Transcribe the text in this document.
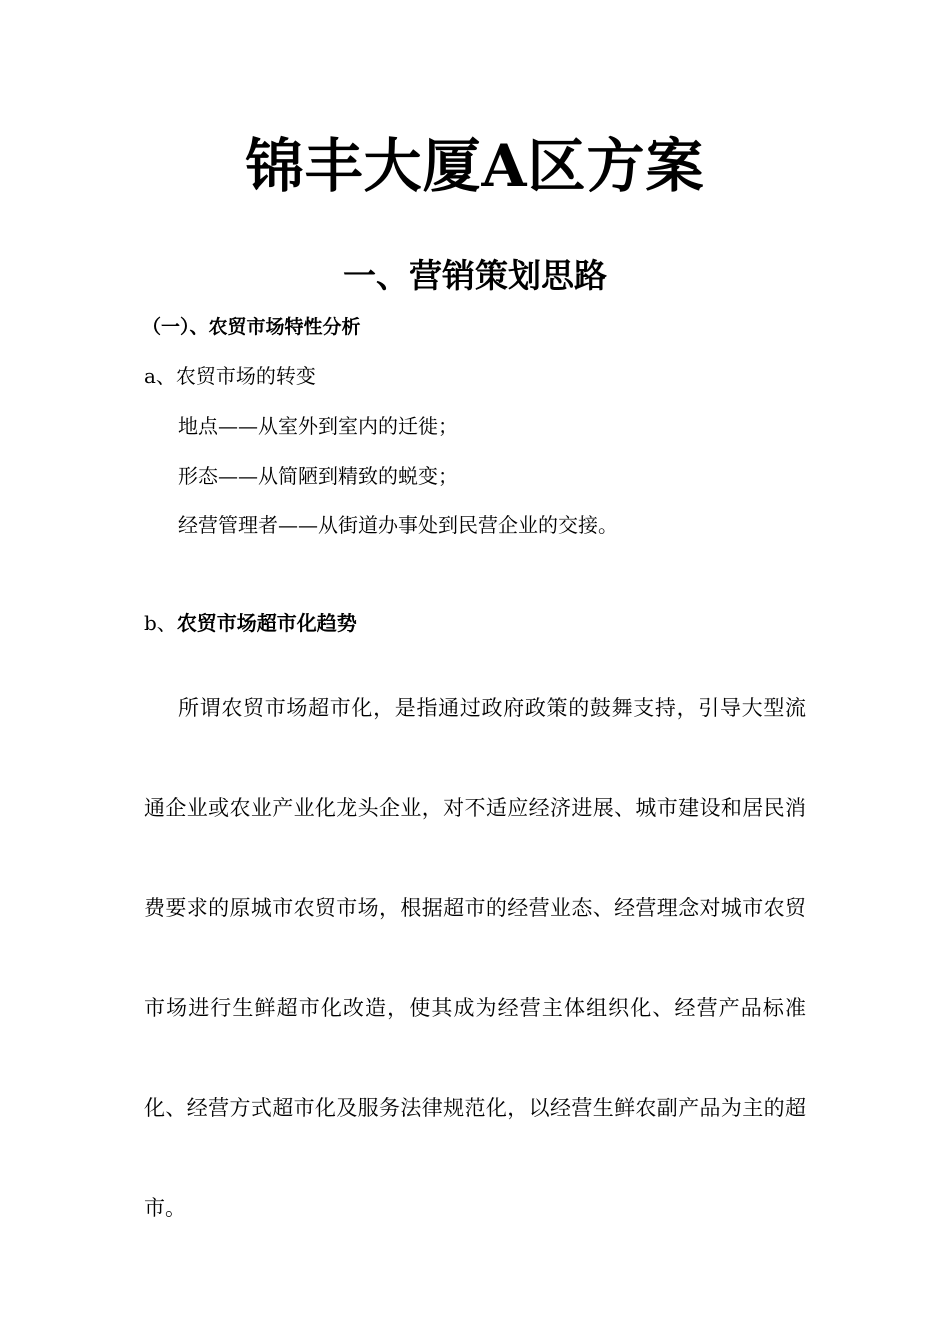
锦丰大厦A区方案
一、营销策划思路
（一）、农贸市场特性分析
a、农贸市场的转变
地点——从室外到室内的迁徙；
形态——从简陋到精致的蜕变；
经营管理者——从街道办事处到民营企业的交接。
b、农贸市场超市化趋势

所谓农贸市场超市化，是指通过政府政策的鼓舞支持，引导大型流通企业或农业产业化龙头企业，对不适应经济进展、城市建设和居民消费要求的原城市农贸市场，根据超市的经营业态、经营理念对城市农贸市场进行生鲜超市化改造，使其成为经营主体组织化、经营产品标准化、经营方式超市化及服务法律规范化，以经营生鲜农副产品为主的超市。
